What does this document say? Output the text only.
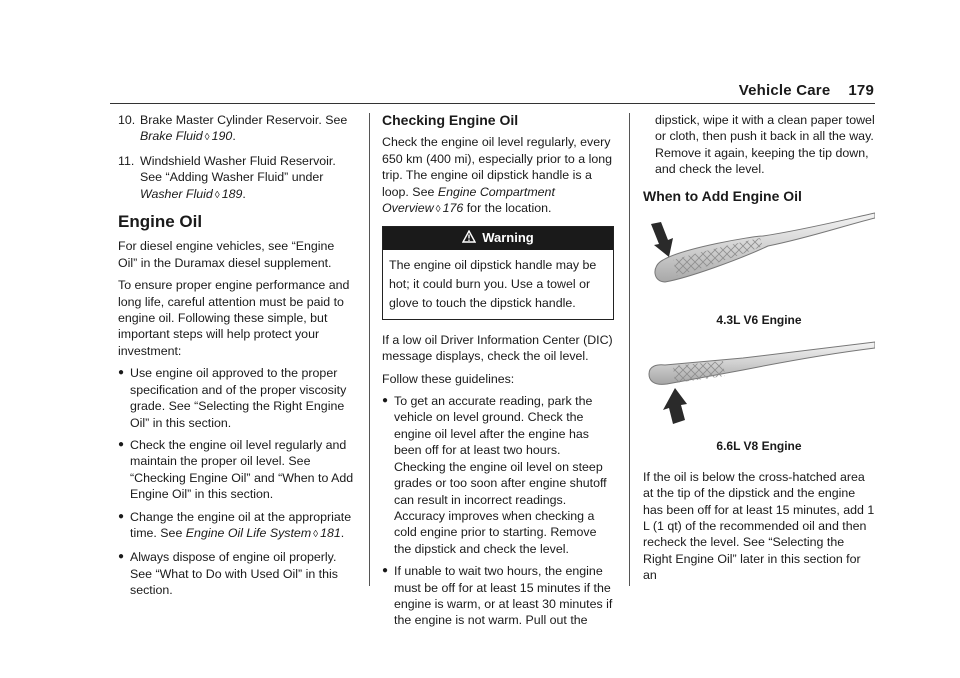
Vehicle Care 179
10. Brake Master Cylinder Reservoir. See
Brake Fluid ◊ 190.
11. Windshield Washer Fluid Reservoir. See “Adding Washer Fluid” under Washer Fluid ◊ 189.
Engine Oil

For diesel engine vehicles, see “Engine Oil” in the Duramax diesel supplement.

To ensure proper engine performance and long life, careful attention must be paid to engine oil. Following these simple, but important steps will help protect your investment:

● Use engine oil approved to the proper specification and of the proper viscosity grade. See “Selecting the Right Engine Oil” in this section.
● Check the engine oil level regularly and maintain the proper oil level. See “Checking Engine Oil” and “When to Add Engine Oil” in this section.
● Change the engine oil at the appropriate time. See Engine Oil Life System ◊ 181.
● Always dispose of engine oil properly. See “What to Do with Used Oil” in this section.
Checking Engine Oil

Check the engine oil level regularly, every 650 km (400 mi), especially prior to a long trip. The engine oil dipstick handle is a loop. See Engine Compartment Overview ◊ 176 for the location.

Warning
The engine oil dipstick handle may be hot; it could burn you. Use a towel or glove to touch the dipstick handle.

If a low oil Driver Information Center (DIC) message displays, check the oil level.

Follow these guidelines:

● To get an accurate reading, park the vehicle on level ground. Check the engine oil level after the engine has been off for at least two hours. Checking the engine oil level on steep grades or too soon after engine shutoff can result in incorrect readings. Accuracy improves when checking a cold engine prior to starting. Remove the dipstick and check the level.
● If unable to wait two hours, the engine must be off for at least 15 minutes if the engine is warm, or at least 30 minutes if the engine is not warm. Pull out the

dipstick, wipe it with a clean paper towel or cloth, then push it back in all the way. Remove it again, keeping the tip down, and check the level.

When to Add Engine Oil
4.3L V6 Engine
6.6L V8 Engine

If the oil is below the cross-hatched area at the tip of the dipstick and the engine has been off for at least 15 minutes, add 1 L (1 qt) of the recommended oil and then recheck the level. See “Selecting the Right Engine Oil” later in this section for an
